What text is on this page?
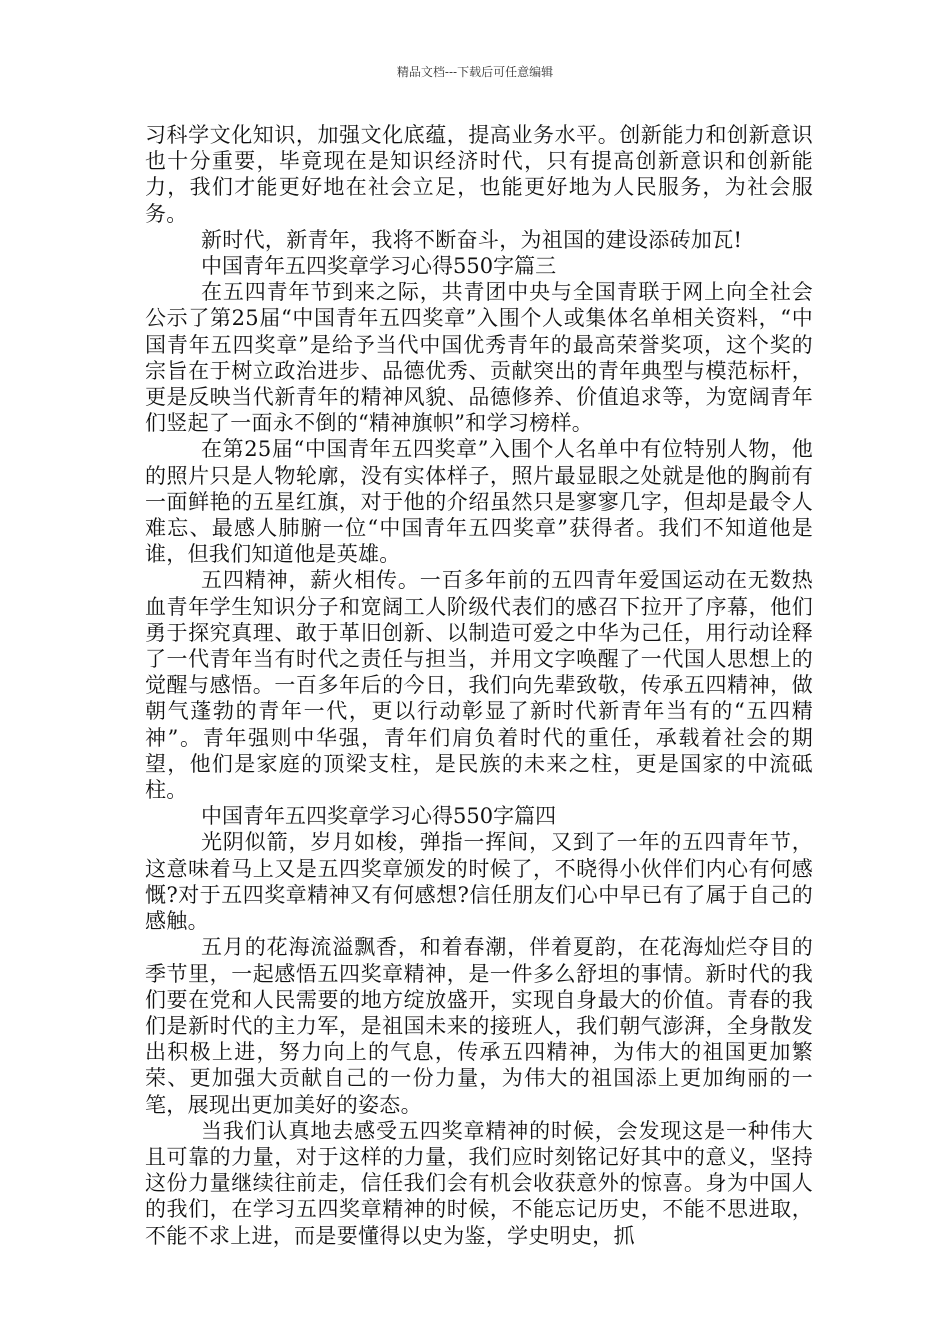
精品文档---下载后可任意编辑

习科学文化知识，加强文化底蕴，提高业务水平。创新能力和创新意识也十分重要，毕竟现在是知识经济时代，只有提高创新意识和创新能力，我们才能更好地在社会立足，也能更好地为人民服务，为社会服务。

新时代，新青年，我将不断奋斗，为祖国的建设添砖加瓦!

中国青年五四奖章学习心得550字篇三

在五四青年节到来之际，共青团中央与全国青联于网上向全社会公示了第25届“中国青年五四奖章”入围个人或集体名单相关资料，“中国青年五四奖章”是给予当代中国优秀青年的最高荣誉奖项，这个奖的宗旨在于树立政治进步、品德优秀、贡献突出的青年典型与模范标杆，更是反映当代新青年的精神风貌、品德修养、价值追求等，为宽阔青年们竖起了一面永不倒的“精神旗帜”和学习榜样。

在第25届“中国青年五四奖章”入围个人名单中有位特别人物，他的照片只是人物轮廓，没有实体样子，照片最显眼之处就是他的胸前有一面鲜艳的五星红旗，对于他的介绍虽然只是寥寥几字，但却是最令人难忘、最感人肺腑一位“中国青年五四奖章”获得者。我们不知道他是谁，但我们知道他是英雄。

五四精神，薪火相传。一百多年前的五四青年爱国运动在无数热血青年学生知识分子和宽阔工人阶级代表们的感召下拉开了序幕，他们勇于探究真理、敢于革旧创新、以制造可爱之中华为己任，用行动诠释了一代青年当有时代之责任与担当，并用文字唤醒了一代国人思想上的觉醒与感悟。一百多年后的今日，我们向先辈致敬，传承五四精神，做朝气蓬勃的青年一代，更以行动彰显了新时代新青年当有的“五四精神”。青年强则中华强，青年们肩负着时代的重任，承载着社会的期望，他们是家庭的顶梁支柱，是民族的未来之柱，更是国家的中流砥柱。

中国青年五四奖章学习心得550字篇四

光阴似箭，岁月如梭，弹指一挥间，又到了一年的五四青年节，这意味着马上又是五四奖章颁发的时候了，不晓得小伙伴们内心有何感慨?对于五四奖章精神又有何感想?信任朋友们心中早已有了属于自己的感触。

五月的花海流溢飘香，和着春潮，伴着夏韵，在花海灿烂夺目的季节里，一起感悟五四奖章精神，是一件多么舒坦的事情。新时代的我们要在党和人民需要的地方绽放盛开，实现自身最大的价值。青春的我们是新时代的主力军，是祖国未来的接班人，我们朝气澎湃，全身散发出积极上进，努力向上的气息，传承五四精神，为伟大的祖国更加繁荣、更加强大贡献自己的一份力量，为伟大的祖国添上更加绚丽的一笔，展现出更加美好的姿态。

当我们认真地去感受五四奖章精神的时候，会发现这是一种伟大且可靠的力量，对于这样的力量，我们应时刻铭记好其中的意义，坚持这份力量继续往前走，信任我们会有机会收获意外的惊喜。身为中国人的我们，在学习五四奖章精神的时候，不能忘记历史，不能不思进取，不能不求上进，而是要懂得以史为鉴，学史明史，抓
